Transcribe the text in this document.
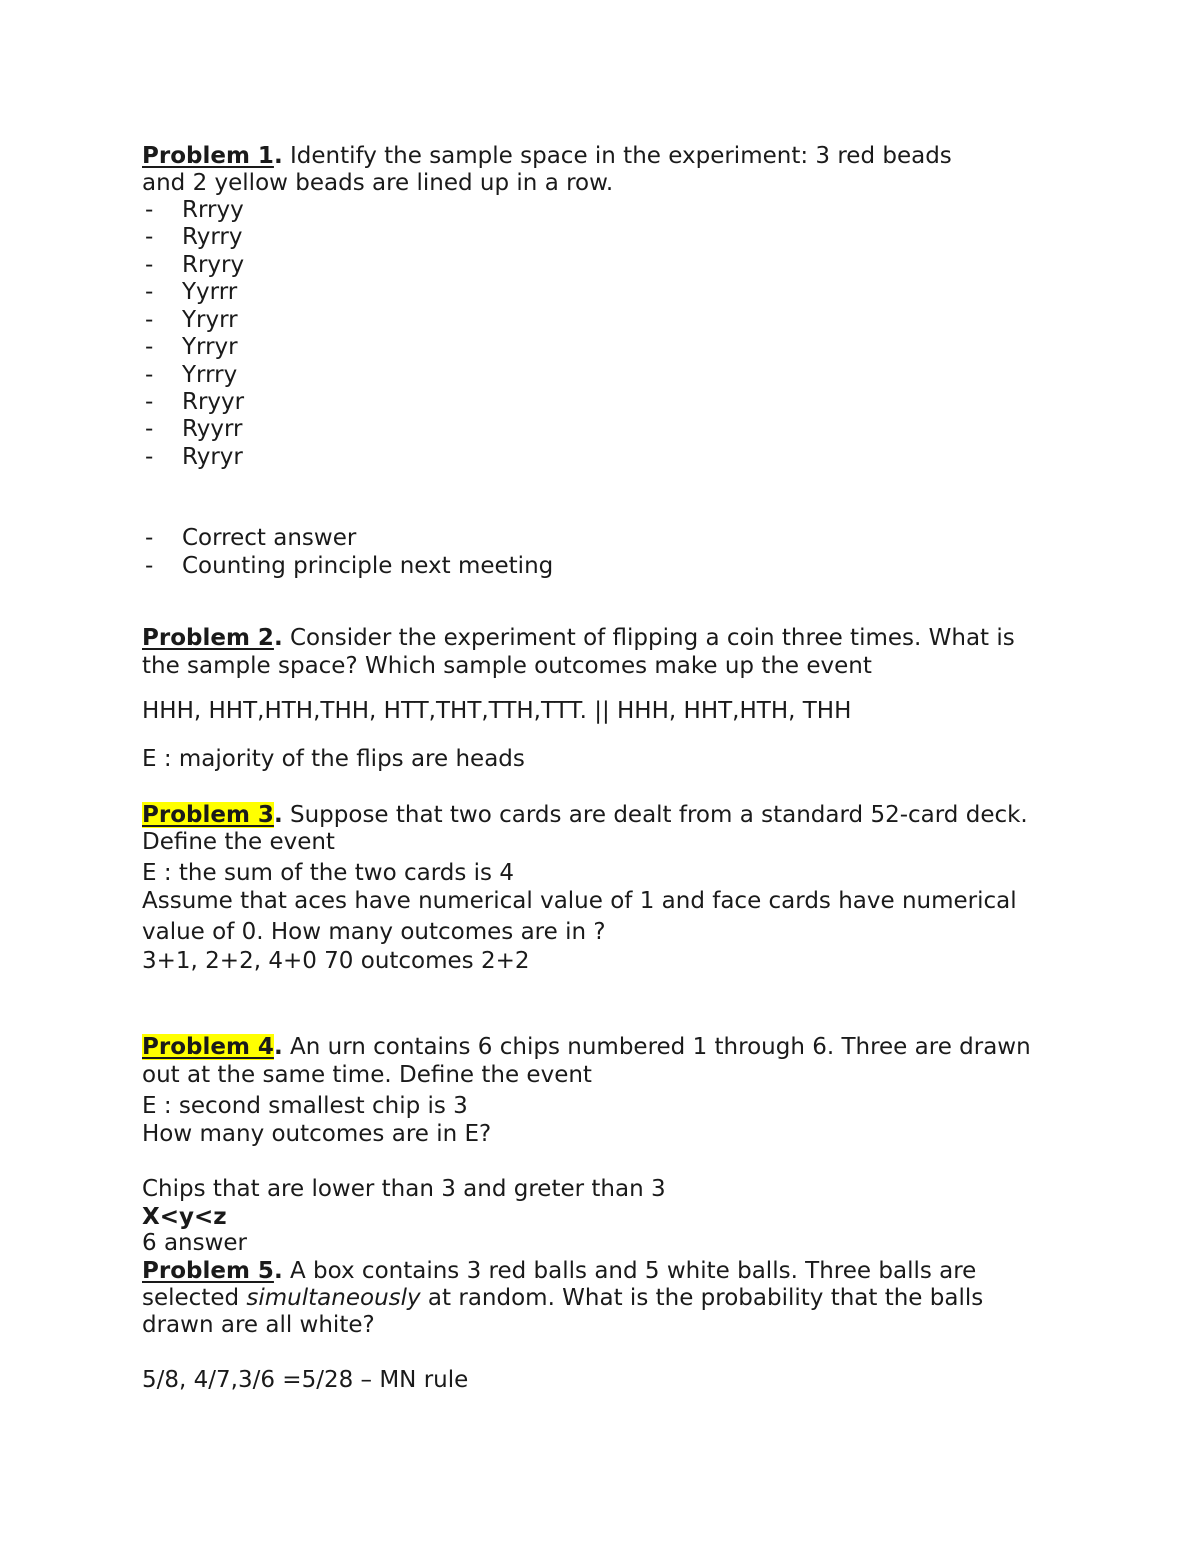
Problem 1. Identify the sample space in the experiment: 3 red beads
and 2 yellow beads are lined up in a row.
- Rrryy
- Ryrry
- Rryry
- Yyrrr
- Yryrr
- Yrryr
- Yrrry
- Rryyr
- Ryyrr
- Ryryr
- Correct answer
- Counting principle next meeting
Problem 2. Consider the experiment of flipping a coin three times. What is
the sample space? Which sample outcomes make up the event
HHH, HHT,HTH,THH, HTT,THT,TTH,TTT. || HHH, HHT,HTH, THH
E : majority of the flips are heads
Problem 3. Suppose that two cards are dealt from a standard 52-card deck.
Define the event
E : the sum of the two cards is 4
Assume that aces have numerical value of 1 and face cards have numerical
value of 0. How many outcomes are in ?
3+1, 2+2, 4+0 70 outcomes 2+2
Problem 4. An urn contains 6 chips numbered 1 through 6. Three are drawn
out at the same time. Define the event
E : second smallest chip is 3
How many outcomes are in E?
Chips that are lower than 3 and greter than 3
X<y<z
6 answer
Problem 5. A box contains 3 red balls and 5 white balls. Three balls are
selected simultaneously at random. What is the probability that the balls
drawn are all white?
5/8, 4/7,3/6 =5/28 – MN rule
